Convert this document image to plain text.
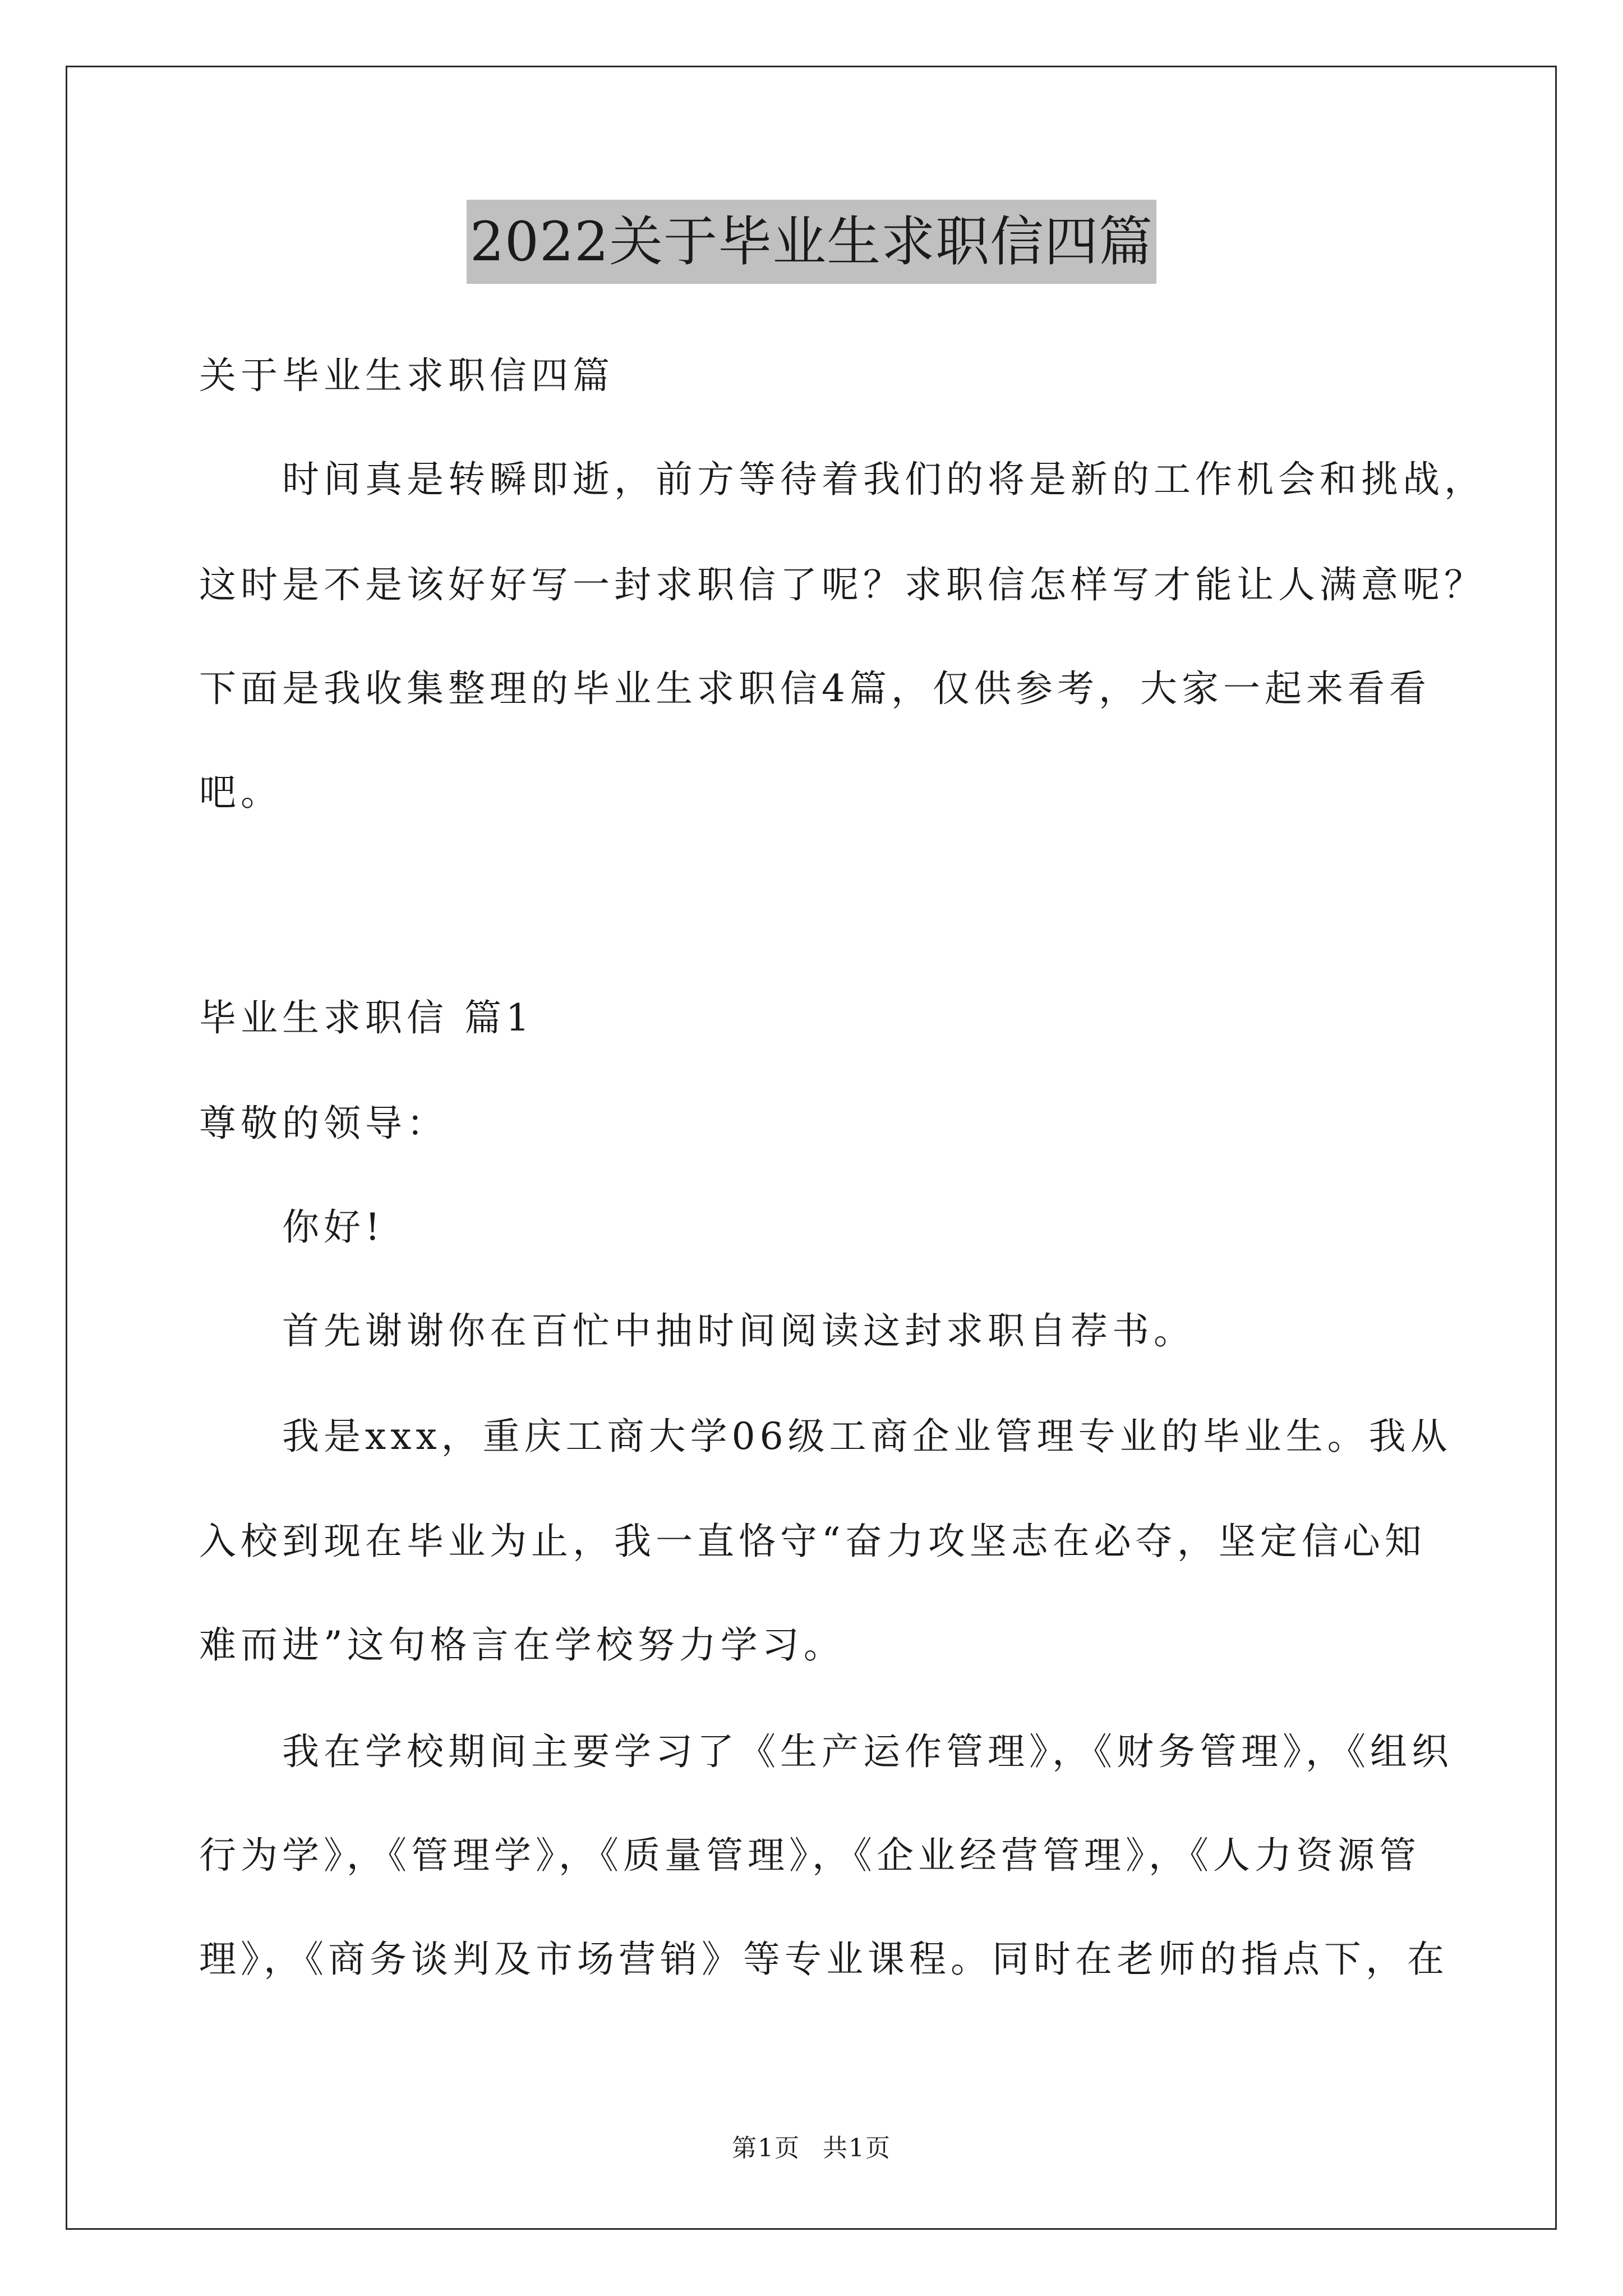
2022关于毕业生求职信四篇
关于毕业生求职信四篇
时间真是转瞬即逝，前方等待着我们的将是新的工作机会和挑战，
这时是不是该好好写一封求职信了呢？求职信怎样写才能让人满意呢？
下面是我收集整理的毕业生求职信4篇，仅供参考，大家一起来看看
吧。
毕业生求职信 篇1
尊敬的领导：
你好!
首先谢谢你在百忙中抽时间阅读这封求职自荐书。
我是xxx，重庆工商大学06级工商企业管理专业的毕业生。我从
入校到现在毕业为止，我一直恪守“奋力攻坚志在必夺，坚定信心知
难而进”这句格言在学校努力学习。
我在学校期间主要学习了《生产运作管理》，《财务管理》，《组织
行为学》，《管理学》，《质量管理》，《企业经营管理》，《人力资源管
理》，《商务谈判及市场营销》等专业课程。同时在老师的指点下，在
第1页 共1页
